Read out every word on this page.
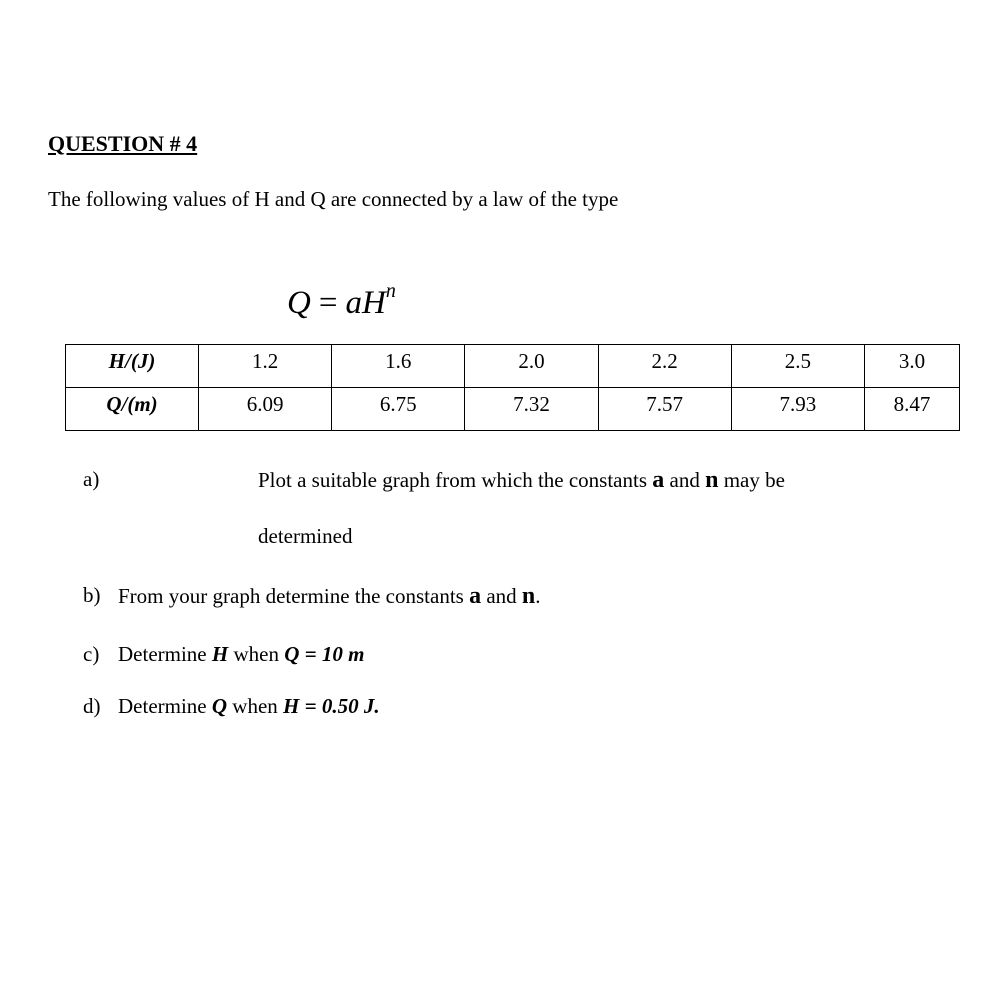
QUESTION # 4
The following values of H and Q are connected by a law of the type
$Q = aH^n$
H/(J)	1.2	1.6	2.0	2.2	2.5	3.0
Q/(m)	6.09	6.75	7.32	7.57	7.93	8.47
a)	Plot a suitable graph from which the constants a and n may be
determined
b) From your graph determine the constants a and n.
c) Determine H when Q = 10 m
d) Determine Q when H = 0.50 J.
